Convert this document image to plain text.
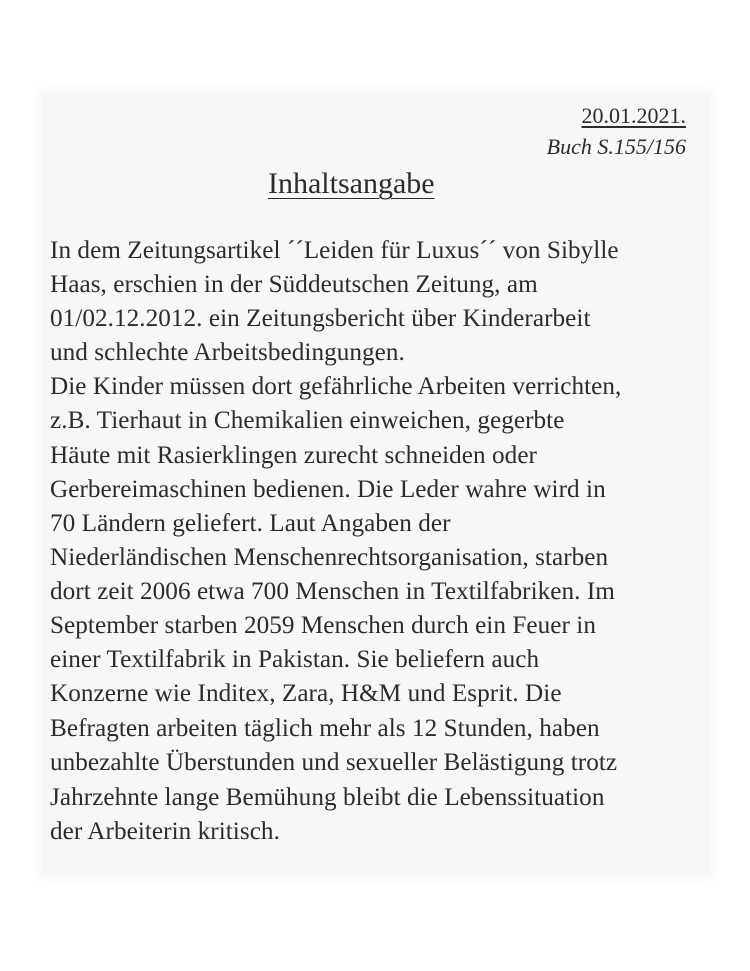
20.01.2021.

Buch S.155/156

Inhaltsangabe

In dem Zeitungsartikel ´´Leiden für Luxus´´ von Sibylle

Haas, erschien in der Süddeutschen Zeitung, am

01/02.12.2012. ein Zeitungsbericht über Kinderarbeit

und schlechte Arbeitsbedingungen.

Die Kinder müssen dort gefährliche Arbeiten verrichten,

z.B. Tierhaut in Chemikalien einweichen, gegerbte

Häute mit Rasierklingen zurecht schneiden oder

Gerbereimaschinen bedienen. Die Leder wahre wird in

70 Ländern geliefert. Laut Angaben der

Niederländischen Menschenrechtsorganisation, starben

dort zeit 2006 etwa 700 Menschen in Textilfabriken. Im

September starben 2059 Menschen durch ein Feuer in

einer Textilfabrik in Pakistan. Sie beliefern auch

Konzerne wie Inditex, Zara, H&M und Esprit. Die

Befragten arbeiten täglich mehr als 12 Stunden, haben

unbezahlte Überstunden und sexueller Belästigung trotz

Jahrzehnte lange Bemühung bleibt die Lebenssituation

der Arbeiterin kritisch.
